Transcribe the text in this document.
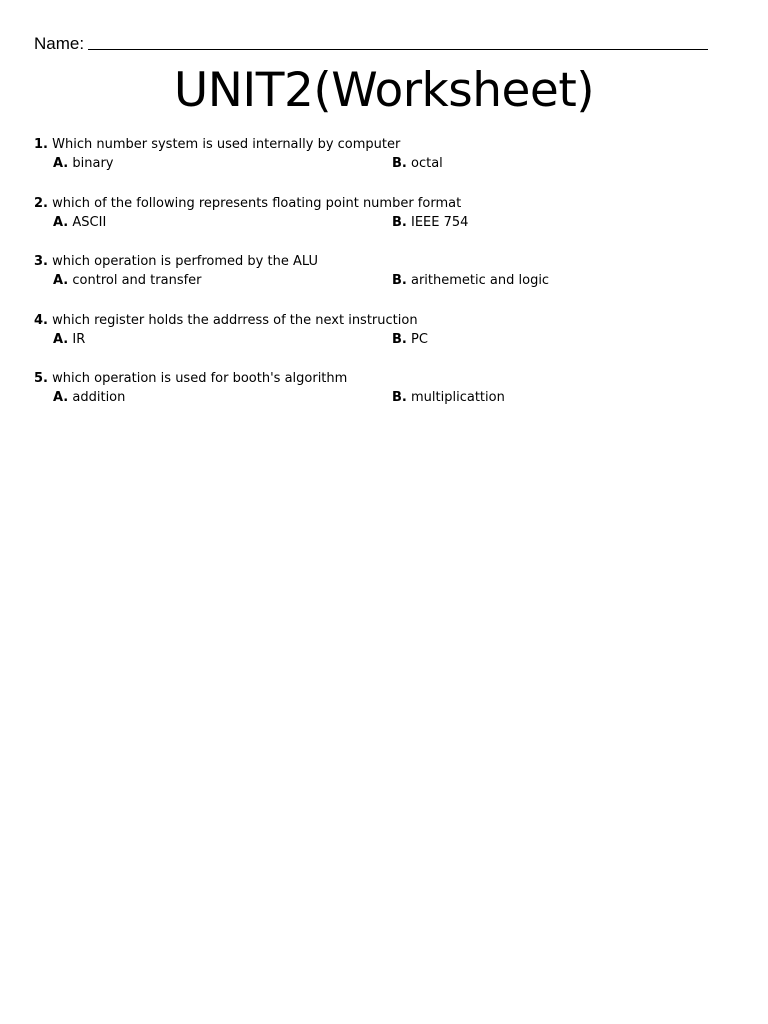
Name:
UNIT2(Worksheet)
1. Which number system is used internally by computer
A. binary	B. octal
2. which of the following represents floating point number format
A. ASCII	B. IEEE 754
3. which operation is perfromed by the ALU
A. control and transfer	B. arithemetic and logic
4. which register holds the addrress of the next instruction
A. IR	B. PC
5. which operation is used for booth's algorithm
A. addition	B. multiplicattion
